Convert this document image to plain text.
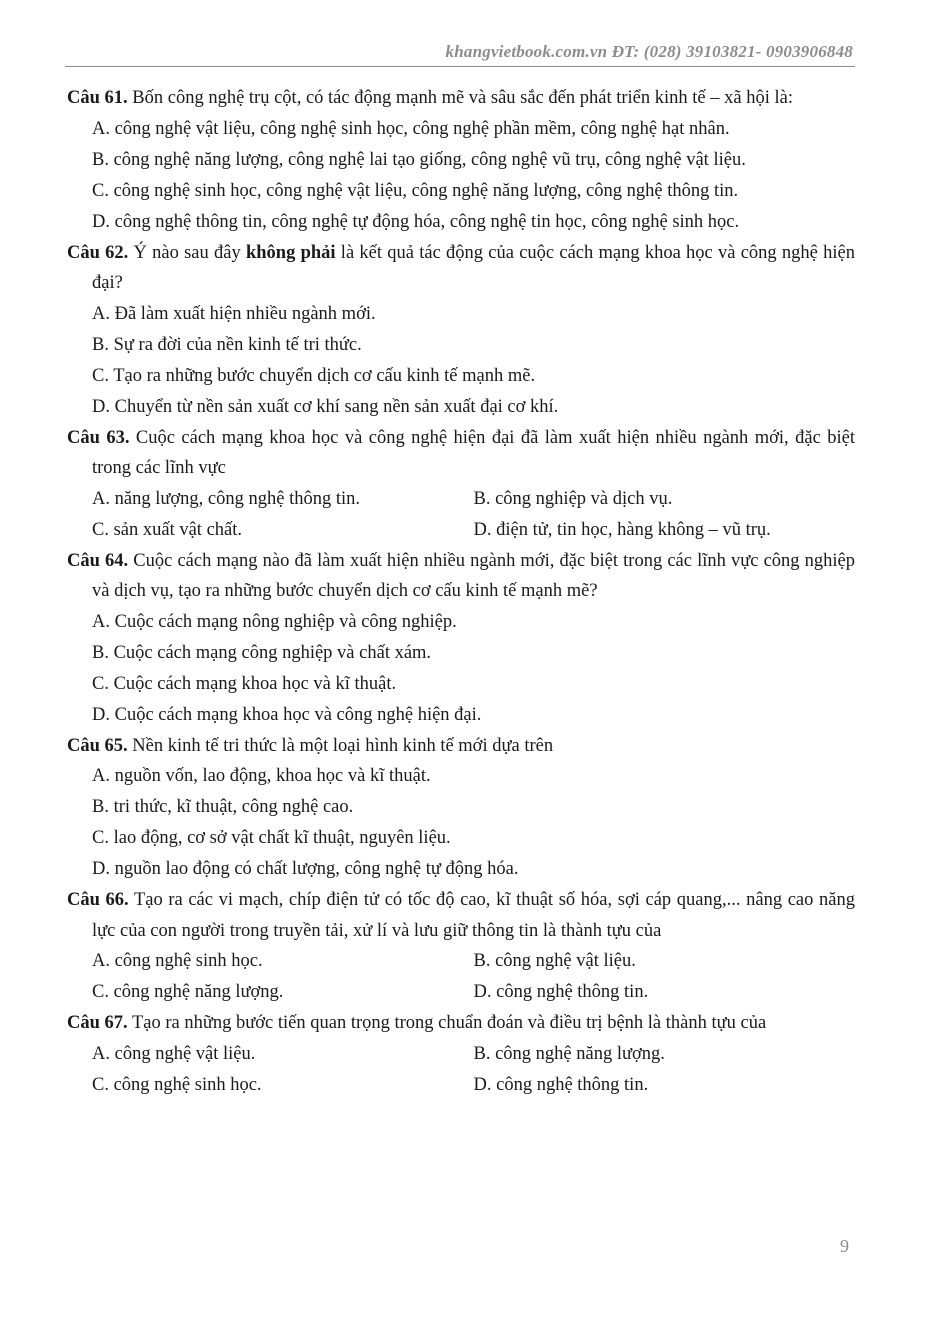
khangvietbook.com.vn ĐT: (028) 39103821- 0903906848
Câu 61. Bốn công nghệ trụ cột, có tác động mạnh mẽ và sâu sắc đến phát triển kinh tế – xã hội là:
A. công nghệ vật liệu, công nghệ sinh học, công nghệ phần mềm, công nghệ hạt nhân.
B. công nghệ năng lượng, công nghệ lai tạo giống, công nghệ vũ trụ, công nghệ vật liệu.
C. công nghệ sinh học, công nghệ vật liệu, công nghệ năng lượng, công nghệ thông tin.
D. công nghệ thông tin, công nghệ tự động hóa, công nghệ tin học, công nghệ sinh học.
Câu 62. Ý nào sau đây không phải là kết quả tác động của cuộc cách mạng khoa học và công nghệ hiện đại?
A. Đã làm xuất hiện nhiều ngành mới.
B. Sự ra đời của nền kinh tế tri thức.
C. Tạo ra những bước chuyển dịch cơ cấu kinh tế mạnh mẽ.
D. Chuyển từ nền sản xuất cơ khí sang nền sản xuất đại cơ khí.
Câu 63. Cuộc cách mạng khoa học và công nghệ hiện đại đã làm xuất hiện nhiều ngành mới, đặc biệt trong các lĩnh vực
A. năng lượng, công nghệ thông tin.	B. công nghiệp và dịch vụ.
C. sản xuất vật chất.	D. điện tử, tin học, hàng không – vũ trụ.
Câu 64. Cuộc cách mạng nào đã làm xuất hiện nhiều ngành mới, đặc biệt trong các lĩnh vực công nghiệp và dịch vụ, tạo ra những bước chuyển dịch cơ cấu kinh tế mạnh mẽ?
A. Cuộc cách mạng nông nghiệp và công nghiệp.
B. Cuộc cách mạng công nghiệp và chất xám.
C. Cuộc cách mạng khoa học và kĩ thuật.
D. Cuộc cách mạng khoa học và công nghệ hiện đại.
Câu 65. Nền kinh tế tri thức là một loại hình kinh tế mới dựa trên
A. nguồn vốn, lao động, khoa học và kĩ thuật.
B. tri thức, kĩ thuật, công nghệ cao.
C. lao động, cơ sở vật chất kĩ thuật, nguyên liệu.
D. nguồn lao động có chất lượng, công nghệ tự động hóa.
Câu 66. Tạo ra các vi mạch, chíp điện tử có tốc độ cao, kĩ thuật số hóa, sợi cáp quang,... nâng cao năng lực của con người trong truyền tải, xử lí và lưu giữ thông tin là thành tựu của
A. công nghệ sinh học.	B. công nghệ vật liệu.
C. công nghệ năng lượng.	D. công nghệ thông tin.
Câu 67. Tạo ra những bước tiến quan trọng trong chuẩn đoán và điều trị bệnh là thành tựu của
A. công nghệ vật liệu.	B. công nghệ năng lượng.
C. công nghệ sinh học.	D. công nghệ thông tin.
9
